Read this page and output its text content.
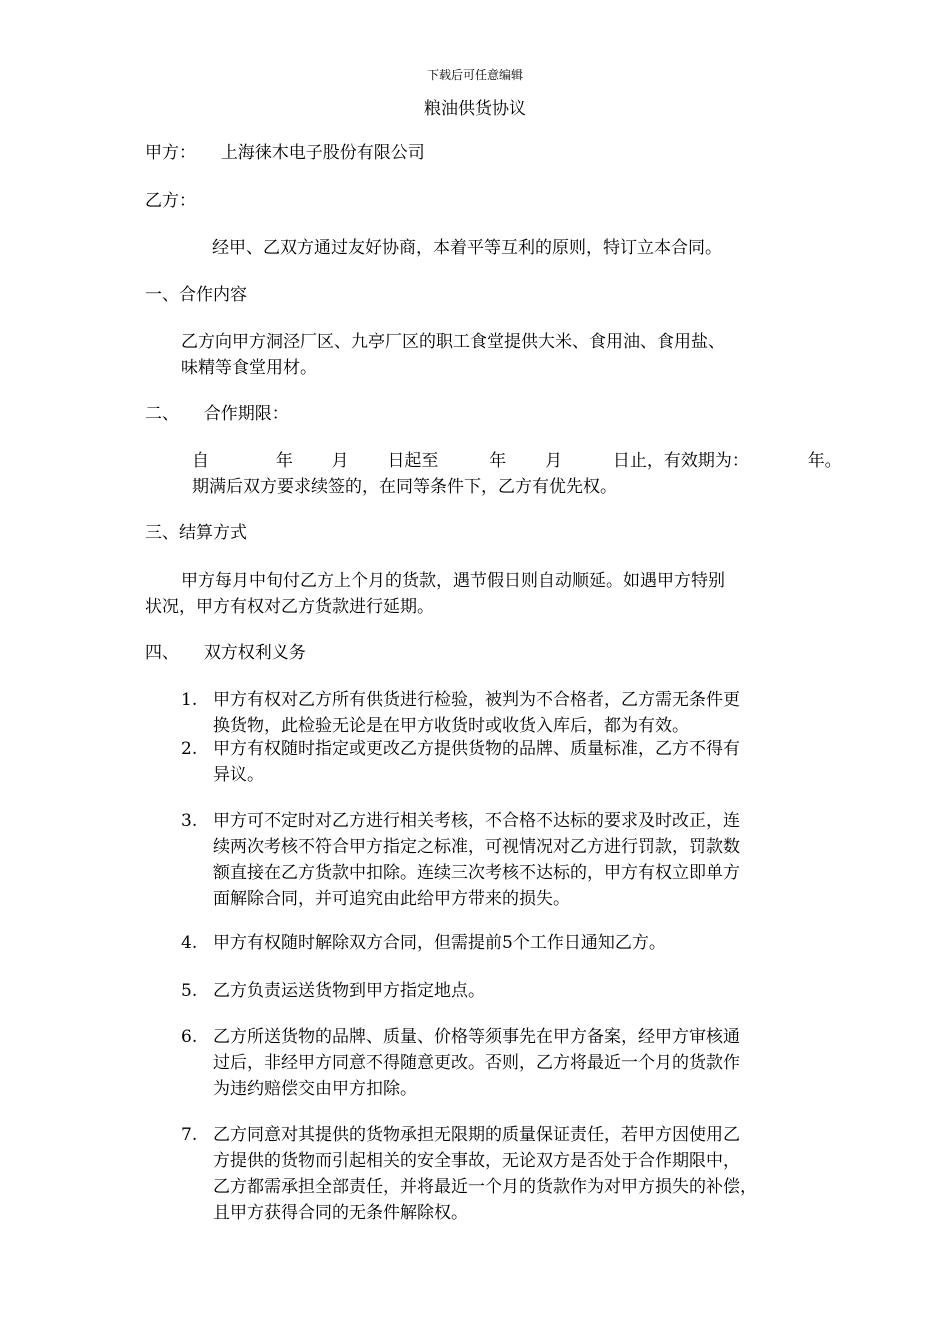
下载后可任意编辑
粮油供货协议
甲方： 上海徕木电子股份有限公司
乙方：
经甲、乙双方通过友好协商，本着平等互利的原则，特订立本合同。
一、合作内容
乙方向甲方洞泾厂区、九亭厂区的职工食堂提供大米、食用油、食用盐、
味精等食堂用材。
二、 合作期限：
自	年 月 日起至	年 月	日止，有效期为：	年。
期满后双方要求续签的，在同等条件下，乙方有优先权。
三、结算方式
甲方每月中旬付乙方上个月的货款，遇节假日则自动顺延。如遇甲方特别
状况，甲方有权对乙方货款进行延期。
四、 双方权利义务
1. 甲方有权对乙方所有供货进行检验，被判为不合格者，乙方需无条件更
换货物，此检验无论是在甲方收货时或收货入库后，都为有效。
2. 甲方有权随时指定或更改乙方提供货物的品牌、质量标准，乙方不得有
异议。
3. 甲方可不定时对乙方进行相关考核，不合格不达标的要求及时改正，连
续两次考核不符合甲方指定之标准，可视情况对乙方进行罚款，罚款数
额直接在乙方货款中扣除。连续三次考核不达标的，甲方有权立即单方
面解除合同，并可追究由此给甲方带来的损失。
4. 甲方有权随时解除双方合同，但需提前5个工作日通知乙方。
5. 乙方负责运送货物到甲方指定地点。
6. 乙方所送货物的品牌、质量、价格等须事先在甲方备案，经甲方审核通
过后，非经甲方同意不得随意更改。否则，乙方将最近一个月的货款作
为违约赔偿交由甲方扣除。
7. 乙方同意对其提供的货物承担无限期的质量保证责任，若甲方因使用乙
方提供的货物而引起相关的安全事故，无论双方是否处于合作期限中，
乙方都需承担全部责任，并将最近一个月的货款作为对甲方损失的补偿，
且甲方获得合同的无条件解除权。
